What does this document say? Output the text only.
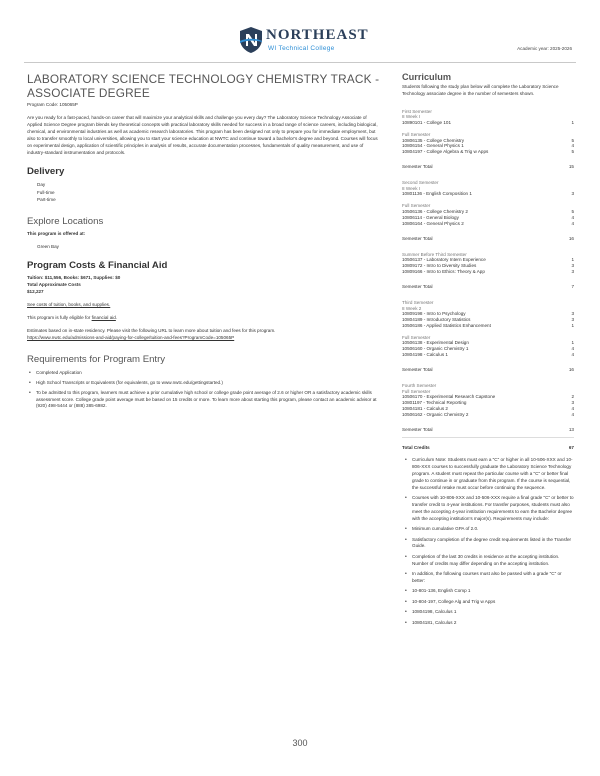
NORTHEAST
WI Technical College	Academic year: 2025-2026
LABORATORY SCIENCE TECHNOLOGY CHEMISTRY TRACK - ASSOCIATE DEGREE
Program Code: 105065P

Are you ready for a fast-paced, hands-on career that will maximize your analytical skills and challenge you every day? The Laboratory Science Technology Associate of Applied Science Degree program blends key theoretical concepts with practical laboratory skills needed for success in a broad range of science careers, including biological, chemical, and environmental industries as well as academic research laboratories. This program has been designed not only to prepare you for immediate employment, but also to transfer smoothly to local universities, allowing you to start your science education at NWTC and continue toward a bachelor's degree and beyond. Courses will focus on experimental design, application of scientific principles in analysis of results, accurate documentation processes, fundamentals of quality measurement, and use of industry-standard instrumentation and protocols.

Delivery
Day
Full-time
Part-time
Explore Locations

This program is offered at:

Green Bay

Program Costs & Financial Aid

Tuition: $11,556, Books: $671, Supplies: $0

Total Approximate Costs

$12,227

See costs of tuition, books, and supplies.

This program is fully eligible for financial aid.

Estimates based on in-state residency. Please visit the following URL to learn more about tuition and fees for this program.

https://www.nwtc.edu/admissions-and-aid/paying-for-college/tuition-and-fees?ProgramCode=105065P

Requirements for Program Entry
• Completed Application
• High School Transcripts or Equivalents (for equivalents, go to www.nwtc.edu/gettingstarted.)
• To be admitted to this program, learners must achieve a prior cumulative high school or college grade point average of 2.6 or higher OR a satisfactory academic skills assessment score. College grade point average must be based on 15 credits or more. To learn more about starting this program, please contact an academic advisor at (920) 498-5444 or (888) 385-6982.
Curriculum

Students following the study plan below will complete the Laboratory Science Technology associate degree in the number of semesters shown.

First Semester
8 Week I
10890101 - College 101	1
Full Semester
10806135 - College Chemistry	5
10806154 - General Physics 1	4
10804197 - College Algebra & Trig w Apps	5
Semester Total	15
Second Semester
8 Week I
10801136 - English Composition 1	3
Full Semester
10506136 - College Chemistry 2	5
10806114 - General Biology	4
10806164 - General Physics 2	4
Semester Total	16
Summer Before Third Semester
10506137 - Laboratory Intern Experience	1
10809172 - Intro to Diversity Studies	3
10809166 - Intro to Ethics: Theory & App	3
Semester Total	7
Third Semester
8 Week 2
10809198 - Intro to Psychology	3
10804189 - Introductory Statistics	3
10506186 - Applied Statistics Enhancement	1
Full Semester
10506138 - Experimental Design	1
10506160 - Organic Chemistry 1	4
10804198 - Calculus 1	4
Semester Total	16
Fourth Semester
Full Semester
10506170 - Experimental Research Capstone	2
10801197 - Technical Reporting	3
10804181 - Calculus 2	4
10506162 - Organic Chemistry 2	4
Semester Total	13
Total Credits	67
• Curriculum Note: Students must earn a "C" or higher in all 10-506-XXX and 10-806-XXX courses to successfully graduate the Laboratory Science Technology program. A student must repeat the particular course with a "C" or better final grade to continue in or graduate from this program. If the course is sequential, the successful retake must occur before continuing the sequence.
• Courses with 10-806-XXX and 10-506-XXX require a final grade "C" or better to transfer credit to 4-year institutions. For transfer purposes, students must also meet the accepting 4-year institution requirements to earn the Bachelor degree with the accepting institution's major(s). Requirements may include:
• Minimum cumulative GPA of 2.0.
• Satisfactory completion of the degree credit requirements listed in the Transfer Guide.
• Completion of the last 30 credits in residence at the accepting institution. Number of credits may differ depending on the accepting institution.
• In addition, the following courses must also be passed with a grade "C" or better:
• 10-801-136, English Comp 1
• 10-804-197, College Alg and Trig w Apps
• 10804198, Calculus 1
• 10804181, Calculus 2
300
